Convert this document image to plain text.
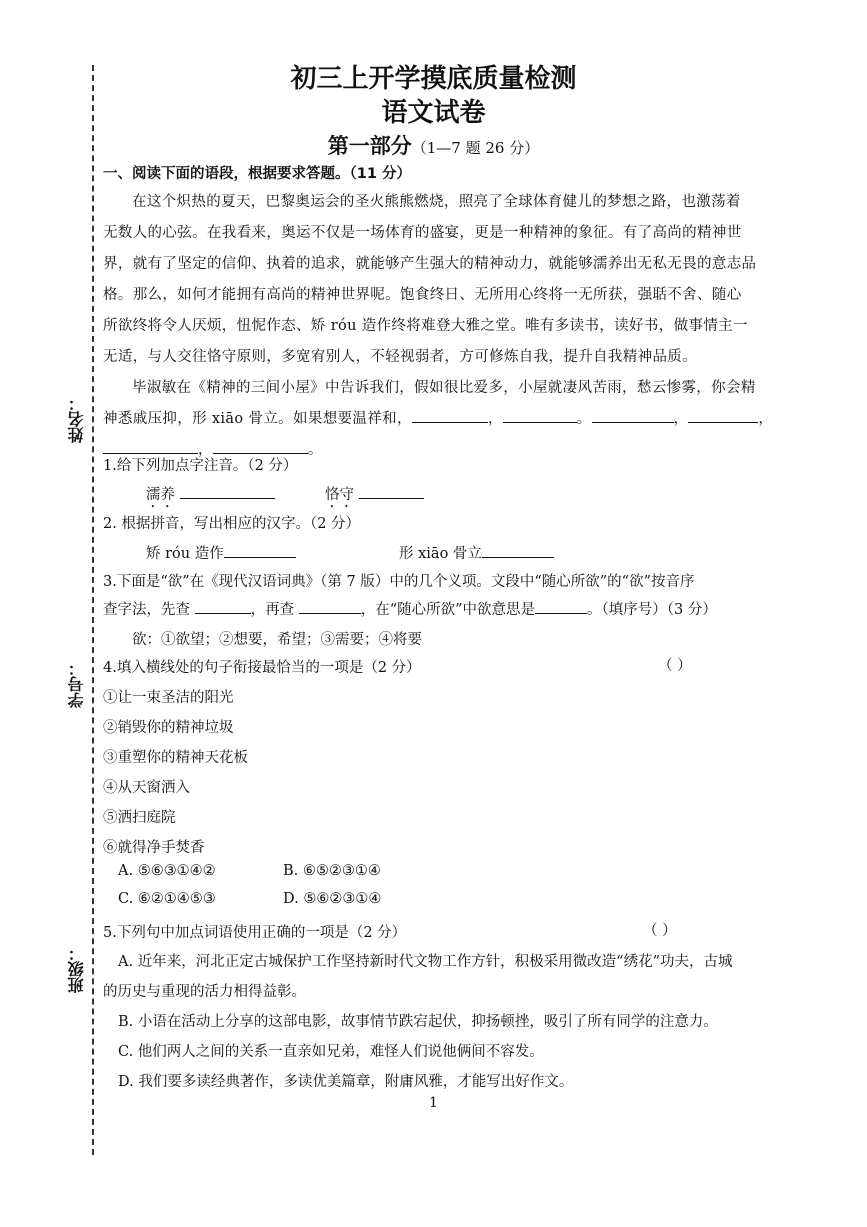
姓名：
学号：
班级：
初三上开学摸底质量检测
语文试卷
第一部分（1—7 题 26 分）
一、阅读下面的语段，根据要求答题。（11 分）
在这个炽热的夏天，巴黎奥运会的圣火熊熊燃烧，照亮了全球体育健儿的梦想之路，也激荡着
无数人的心弦。在我看来，奥运不仅是一场体育的盛宴，更是一种精神的象征。有了高尚的精神世
界，就有了坚定的信仰、执着的追求，就能够产生强大的精神动力，就能够濡养出无私无畏的意志品
格。那么，如何才能拥有高尚的精神世界呢。饱食终日、无所用心终将一无所获，强聒不舍、随心
所欲终将令人厌烦，忸怩作态、矫 róu 造作终将难登大雅之堂。唯有多读书，读好书，做事情主一
无适，与人交往恪守原则，多宽宥别人，不轻视弱者，方可修炼自我，提升自我精神品质。
毕淑敏在《精神的三间小屋》中告诉我们，假如很比爱多，小屋就凄风苦雨，愁云惨雾，你会精
神悉戚压抑，形 xiāo 骨立。如果想要温祥和，	，	。	，	，
，	。
1.给下列加点字注音。（2 分）
濡养	恪守
2. 根据拼音，写出相应的汉字。（2 分）
矫 róu 造作	形 xiāo 骨立
3.下面是“欲”在《现代汉语词典》（第 7 版）中的几个义项。文段中“随心所欲”的“欲”按音序
查字法，先查	，再查	，在“随心所欲”中欲意思是	。（填序号）（3 分）
欲：①欲望；②想要，希望；③需要；④将要
4.填入横线处的句子衔接最恰当的一项是（2 分）	（ ）
①让一束圣洁的阳光
②销毁你的精神垃圾
③重塑你的精神天花板
④从天窗洒入
⑤洒扫庭院
⑥就得净手焚香
A. ⑤⑥③①④②	B. ⑥⑤②③①④
C. ⑥②①④⑤③	D. ⑤⑥②③①④
5.下列句中加点词语使用正确的一项是（2 分）	（ ）
A. 近年来，河北正定古城保护工作坚持新时代文物工作方针，积极采用微改造“绣花”功夫，古城
的历史与重现的活力相得益彰。
B. 小语在活动上分享的这部电影，故事情节跌宕起伏，抑扬顿挫，吸引了所有同学的注意力。
C. 他们两人之间的关系一直亲如兄弟，难怪人们说他俩间不容发。
D. 我们要多读经典著作，多读优美篇章，附庸风雅，才能写出好作文。
1
